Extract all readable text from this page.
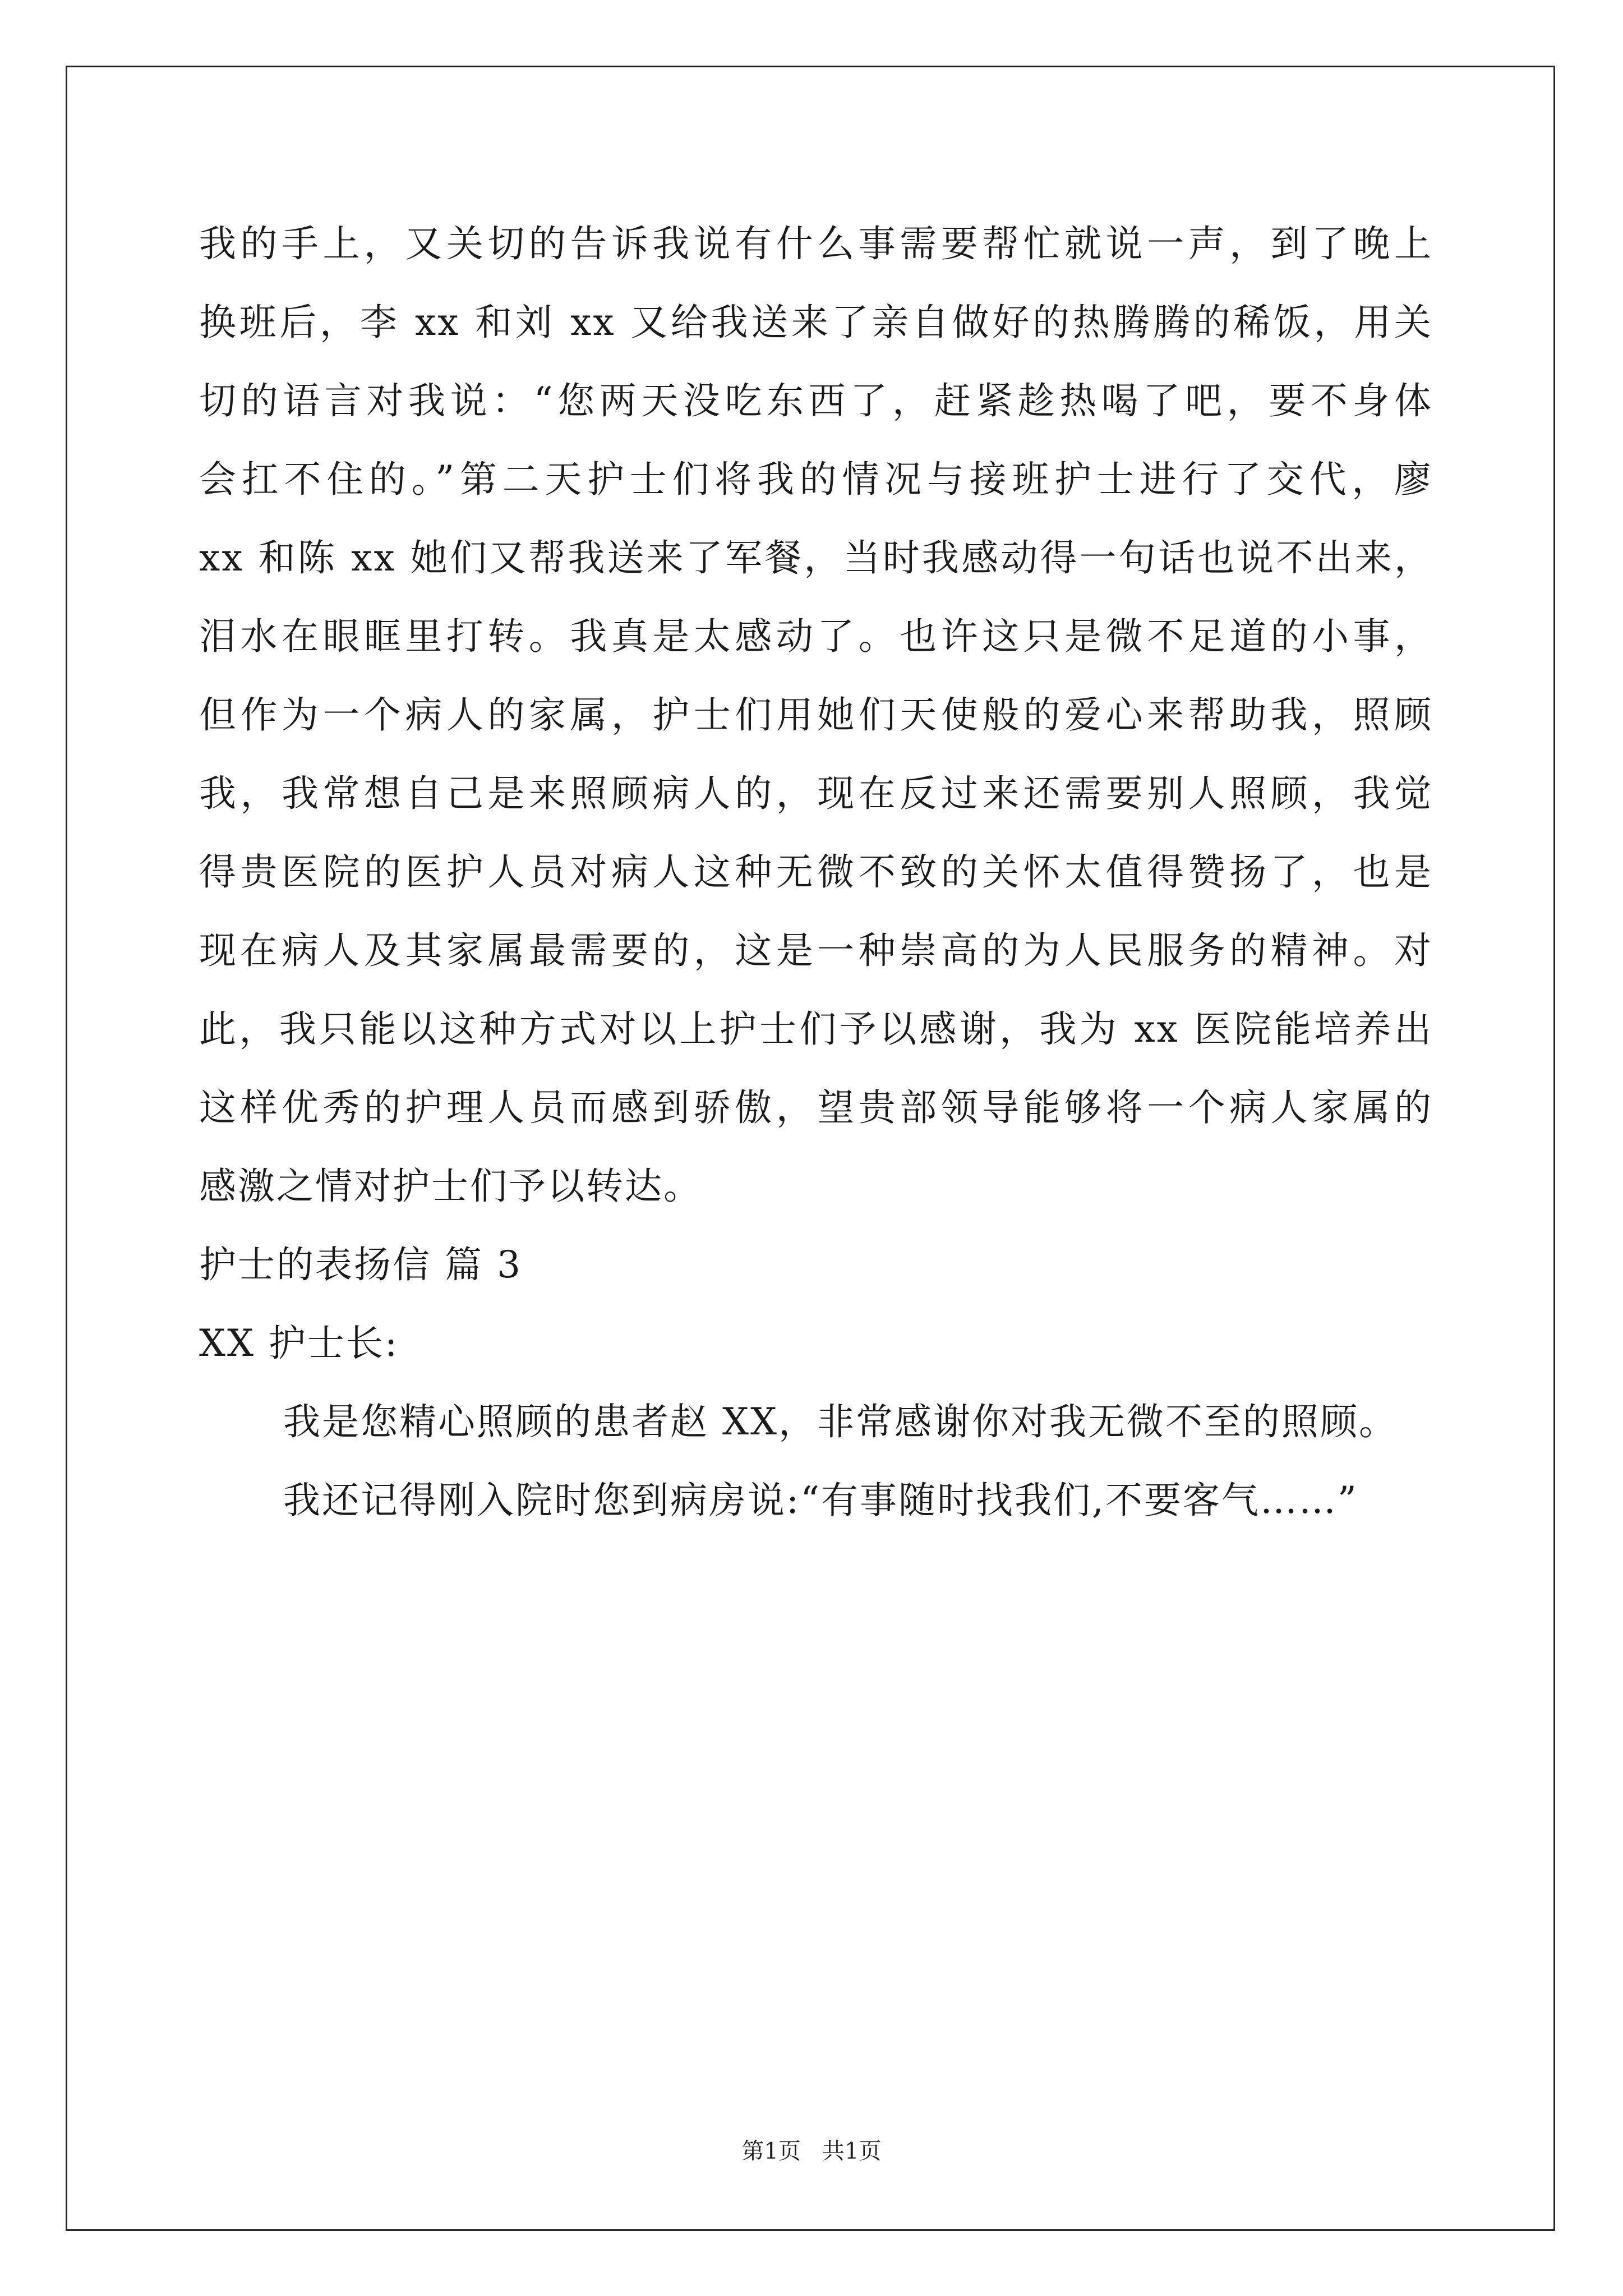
我的手上，又关切的告诉我说有什么事需要帮忙就说一声，到了晚上
换班后，李 xx 和刘 xx 又给我送来了亲自做好的热腾腾的稀饭，用关
切的语言对我说：“您两天没吃东西了，赶紧趁热喝了吧，要不身体
会扛不住的。”第二天护士们将我的情况与接班护士进行了交代，廖
xx 和陈 xx 她们又帮我送来了军餐，当时我感动得一句话也说不出来，
泪水在眼眶里打转。我真是太感动了。也许这只是微不足道的小事，
但作为一个病人的家属，护士们用她们天使般的爱心来帮助我，照顾
我，我常想自己是来照顾病人的，现在反过来还需要别人照顾，我觉
得贵医院的医护人员对病人这种无微不致的关怀太值得赞扬了，也是
现在病人及其家属最需要的，这是一种崇高的为人民服务的精神。对
此，我只能以这种方式对以上护士们予以感谢，我为 xx 医院能培养出
这样优秀的护理人员而感到骄傲，望贵部领导能够将一个病人家属的
感激之情对护士们予以转达。
护士的表扬信 篇 3
XX 护士长:
我是您精心照顾的患者赵 XX，非常感谢你对我无微不至的照顾。
我还记得刚入院时您到病房说:“有事随时找我们,不要客气……”
第1页   共1页
